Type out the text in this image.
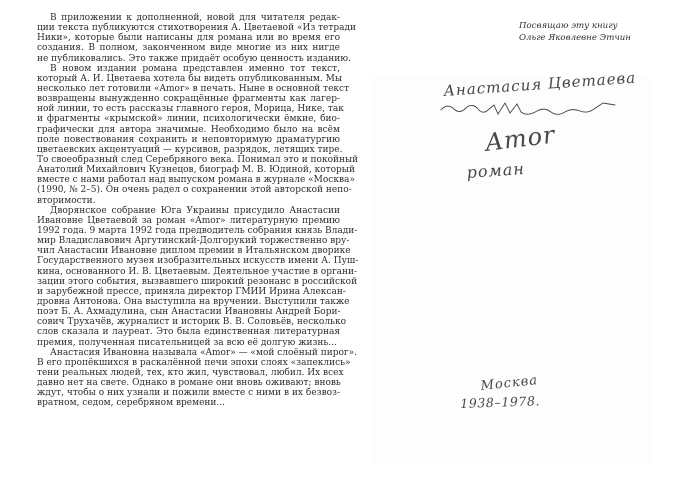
В приложении к дополненной, новой для читателя редак-
ции текста публикуются стихотворения А. Цветаевой «Из тетради
Ники», которые были написаны для романа или во время его
создания. В полном, законченном виде многие из них нигде
не публиковались. Это также придаёт особую ценность изданию.
В новом издании романа представлен именно тот текст,
который А. И. Цветаева хотела бы видеть опубликованным. Мы
несколько лет готовили «Amor» в печать. Ныне в основной текст
возвращены вынужденно сокращённые фрагменты как лагер-
ной линии, то есть рассказы главного героя, Морица, Нике, так
и фрагменты «крымской» линии, психологически ёмкие, био-
графически для автора значимые. Необходимо было на всём
поле повествования сохранить и неповторимую драматургию
цветаевских акцентуаций — курсивов, разрядок, летящих тире.
То своеобразный след Серебряного века. Понимал это и покойный
Анатолий Михайлович Кузнецов, биограф М. В. Юдиной, который
вместе с нами работал над выпуском романа в журнале «Москва»
(1990, № 2–5). Он очень радел о сохранении этой авторской непо-
вторимости.
Дворянское собрание Юга Украины присудило Анастасии
Ивановне Цветаевой за роман «Amor» литературную премию
1992 года. 9 марта 1992 года предводитель собрания князь Влади-
мир Владиславович Аргутинский-Долгорукий торжественно вру-
чил Анастасии Ивановне диплом премии в Итальянском дворике
Государственного музея изобразительных искусств имени А. Пуш-
кина, основанного И. В. Цветаевым. Деятельное участие в органи-
зации этого события, вызвавшего широкий резонанс в российской
и зарубежной прессе, приняла директор ГМИИ Ирина Алексан-
дровна Антонова. Она выступила на вручении. Выступили также
поэт Б. А. Ахмадулина, сын Анастасии Ивановны Андрей Бори-
сович Трухачёв, журналист и историк В. В. Соловьёв, несколько
слов сказала и лауреат. Это была единственная литературная
премия, полученная писательницей за всю её долгую жизнь...
Анастасия Ивановна называла «Amor» — «мой слоёный пирог».
В его пропёкшихся в раскалённой печи эпохи слоях «запеклись»
тени реальных людей, тех, кто жил, чувствовал, любил. Их всех
давно нет на свете. Однако в романе они вновь оживают; вновь
ждут, чтобы о них узнали и пожили вместе с ними в их безвоз-
вратном, седом, серебряном времени...
Посвящаю эту книгу
Ольге Яковлевне Этчин
Анастасия Цветаева
Amor
роман
Москва
1938–1978.
